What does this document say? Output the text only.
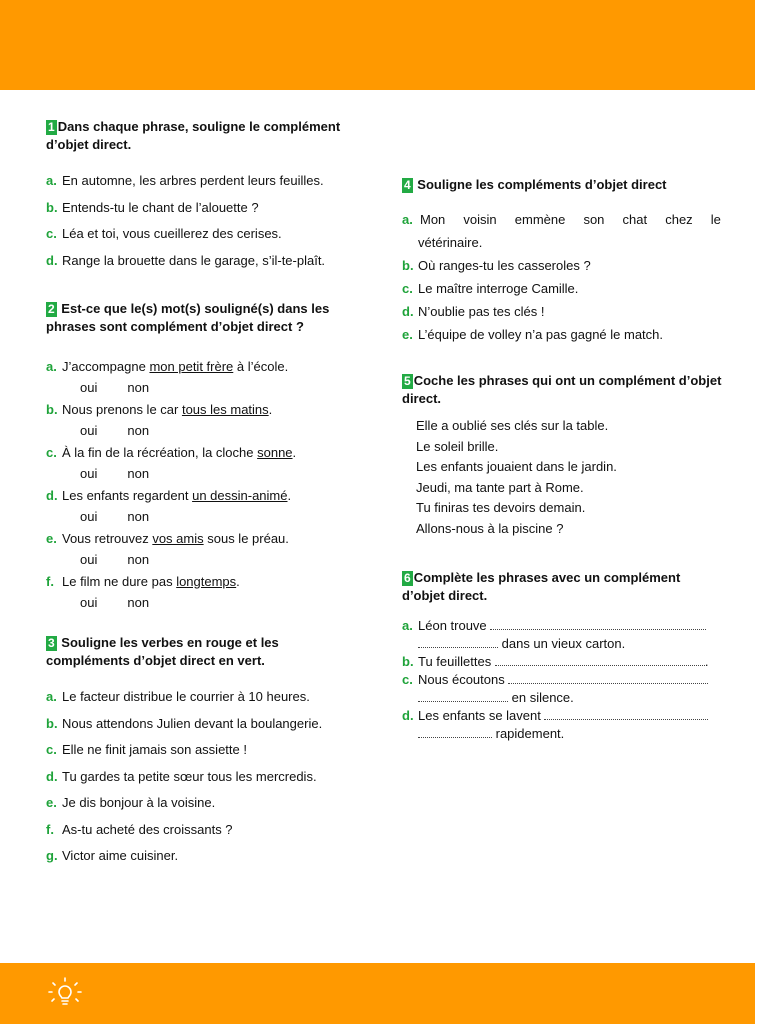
1 Dans chaque phrase, souligne le complément d’objet direct.

a. En automne, les arbres perdent leurs feuilles.
b. Entends-tu le chant de l’alouette ?
c. Léa et toi, vous cueillerez des cerises.
d. Range la brouette dans le garage, s’il-te-plaît.

2 Est-ce que le(s) mot(s) souligné(s) dans les phrases sont complément d’objet direct ?

a. J’accompagne mon petit frère à l’école.
oui non
b. Nous prenons le car tous les matins.
oui non
c. À la fin de la récréation, la cloche sonne.
oui non
d. Les enfants regardent un dessin-animé.
oui non
e. Vous retrouvez vos amis sous le préau.
oui non
f. Le film ne dure pas longtemps.
oui non

3 Souligne les verbes en rouge et les compléments d’objet direct en vert.

a. Le facteur distribue le courrier à 10 heures.
b. Nous attendons Julien devant la boulangerie.
c. Elle ne finit jamais son assiette !
d. Tu gardes ta petite sœur tous les mercredis.
e. Je dis bonjour à la voisine.
f. As-tu acheté des croissants ?
g. Victor aime cuisiner.

4 Souligne les compléments d’objet direct

a. Mon voisin emmène son chat chez le
vétérinaire.
b. Où ranges-tu les casseroles ?
c. Le maître interroge Camille.
d. N’oublie pas tes clés !
e. L’équipe de volley n’a pas gagné le match.

5 Coche les phrases qui ont un complément d’objet direct.

Elle a oublié ses clés sur la table.
Le soleil brille.
Les enfants jouaient dans le jardin.
Jeudi, ma tante part à Rome.
Tu finiras tes devoirs demain.
Allons-nous à la piscine ?

6 Complète les phrases avec un complément d’objet direct.

a. Léon trouve
dans un vieux carton.
b. Tu feuillettes	.
c. Nous écoutons
en silence.
d. Les enfants se lavent
rapidement.
